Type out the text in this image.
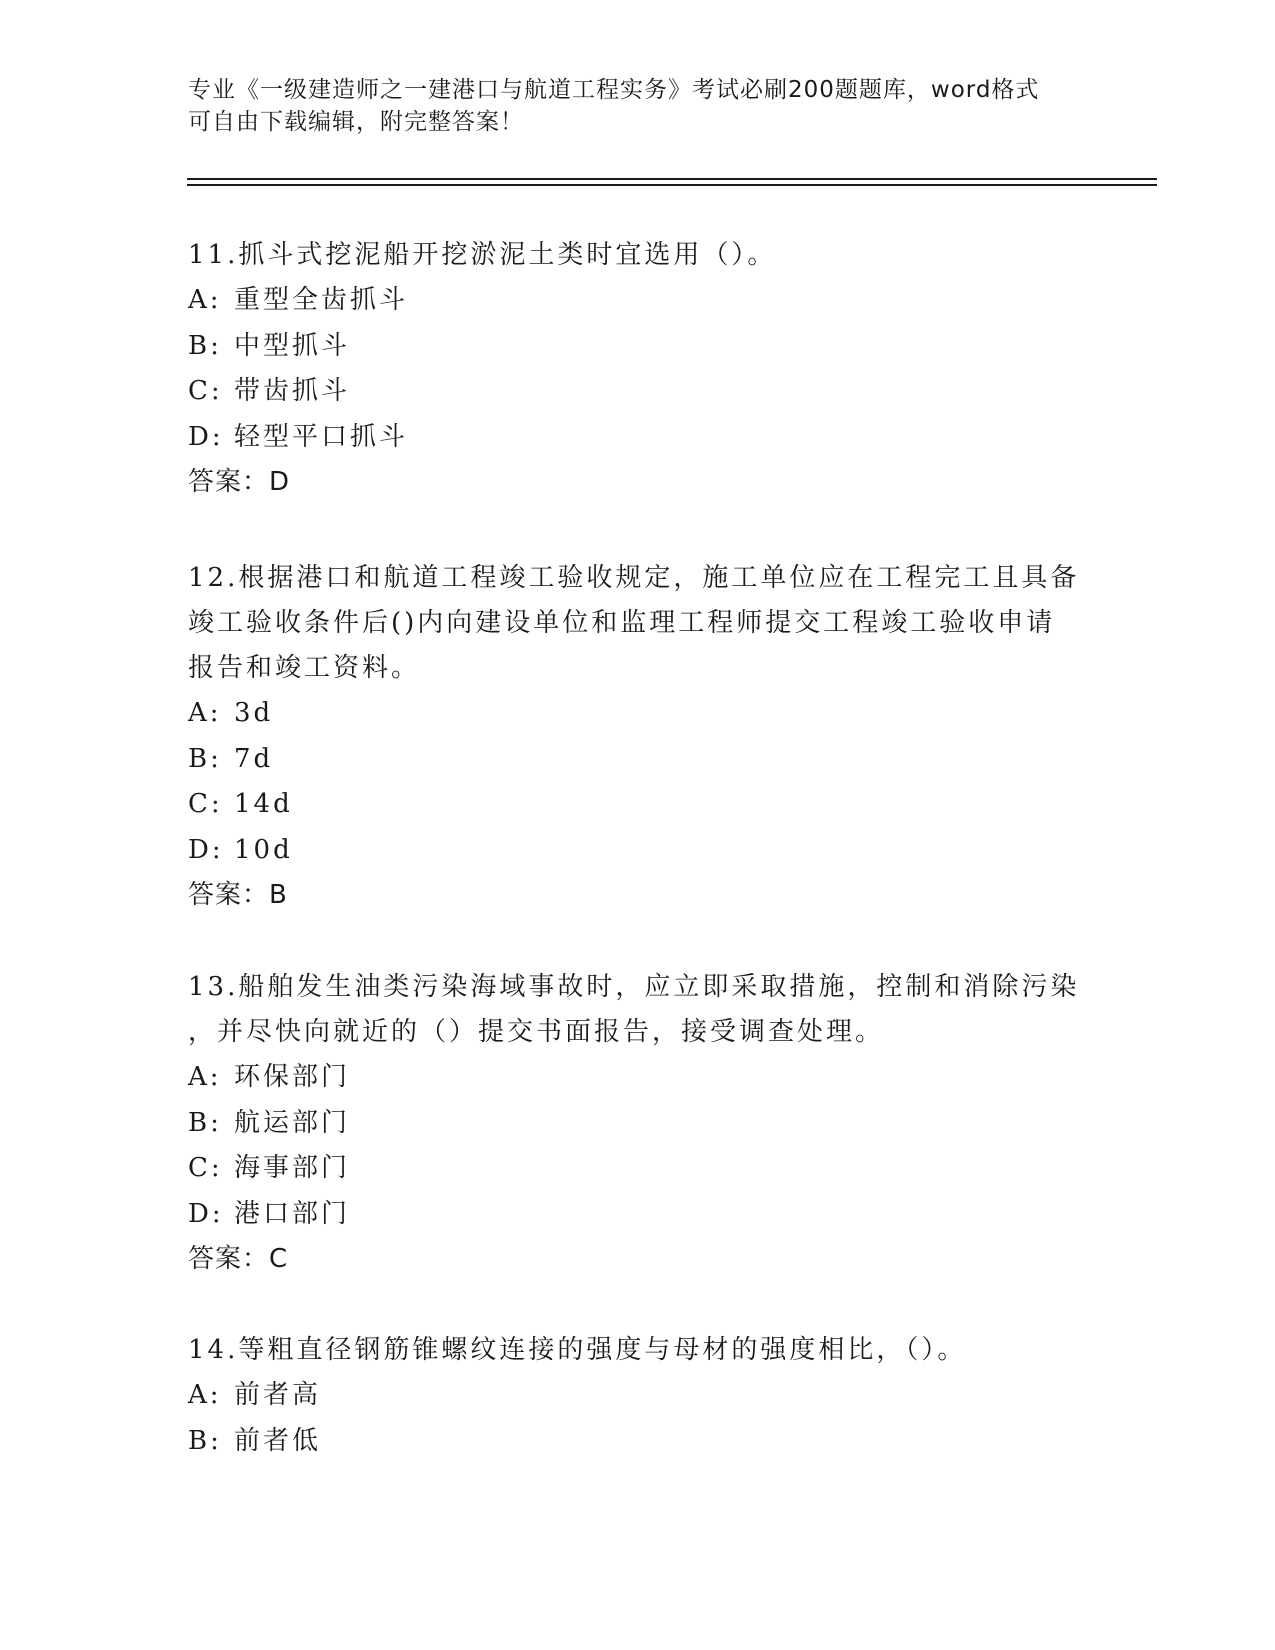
专业《一级建造师之一建港口与航道工程实务》考试必刷200题题库，word格式
可自由下载编辑，附完整答案！
11.抓斗式挖泥船开挖淤泥土类时宜选用（）。
A: 重型全齿抓斗
B: 中型抓斗
C: 带齿抓斗
D: 轻型平口抓斗
答案：D
12.根据港口和航道工程竣工验收规定，施工单位应在工程完工且具备
竣工验收条件后()内向建设单位和监理工程师提交工程竣工验收申请
报告和竣工资料。
A: 3d
B: 7d
C: 14d
D: 10d
答案：B
13.船舶发生油类污染海域事故时，应立即采取措施，控制和消除污染
，并尽快向就近的（）提交书面报告，接受调查处理。
A: 环保部门
B: 航运部门
C: 海事部门
D: 港口部门
答案：C
14.等粗直径钢筋锥螺纹连接的强度与母材的强度相比，（）。
A: 前者高
B: 前者低
